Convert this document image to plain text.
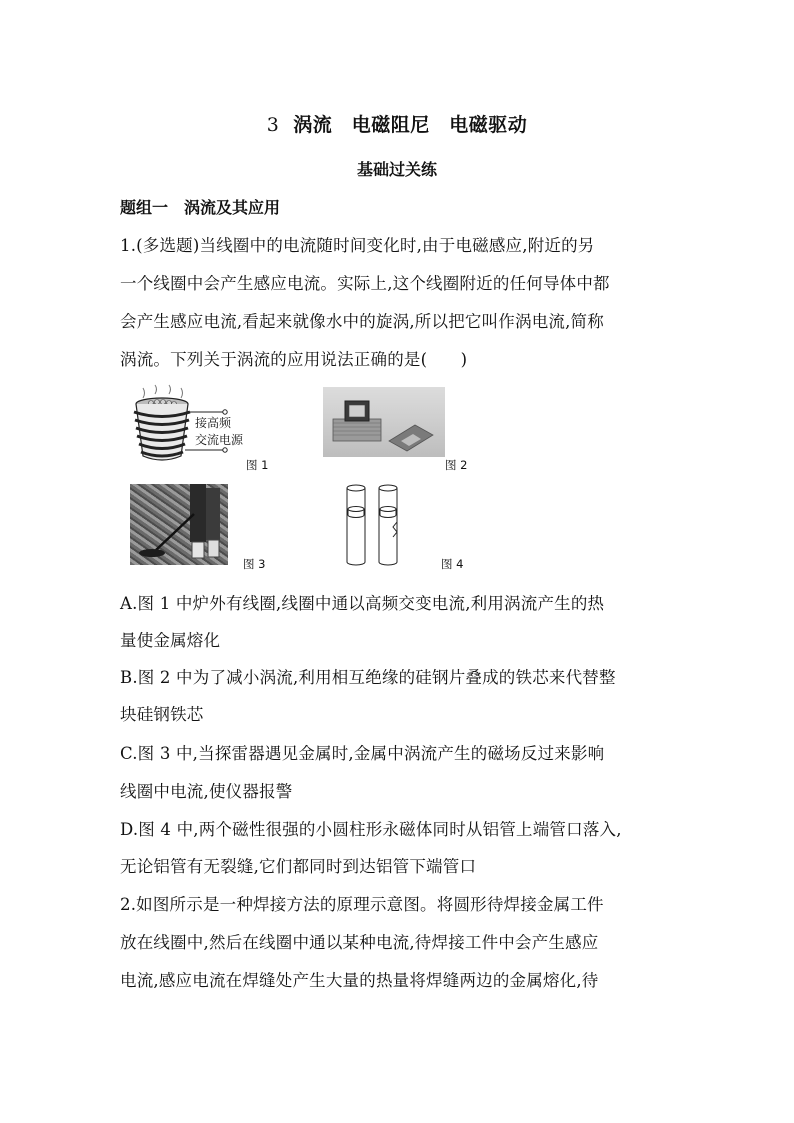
3 涡流　电磁阻尼　电磁驱动
基础过关练
题组一　涡流及其应用
1.(多选题)当线圈中的电流随时间变化时,由于电磁感应,附近的另
一个线圈中会产生感应电流。实际上,这个线圈附近的任何导体中都
会产生感应电流,看起来就像水中的旋涡,所以把它叫作涡电流,简称
涡流。下列关于涡流的应用说法正确的是(　　)
接高频
交流电源
图 1	图 2
图 3	图 4
A.图 1 中炉外有线圈,线圈中通以高频交变电流,利用涡流产生的热
量使金属熔化
B.图 2 中为了减小涡流,利用相互绝缘的硅钢片叠成的铁芯来代替整
块硅钢铁芯
C.图 3 中,当探雷器遇见金属时,金属中涡流产生的磁场反过来影响
线圈中电流,使仪器报警
D.图 4 中,两个磁性很强的小圆柱形永磁体同时从铝管上端管口落入,
无论铝管有无裂缝,它们都同时到达铝管下端管口
2.如图所示是一种焊接方法的原理示意图。将圆形待焊接金属工件
放在线圈中,然后在线圈中通以某种电流,待焊接工件中会产生感应
电流,感应电流在焊缝处产生大量的热量将焊缝两边的金属熔化,待
